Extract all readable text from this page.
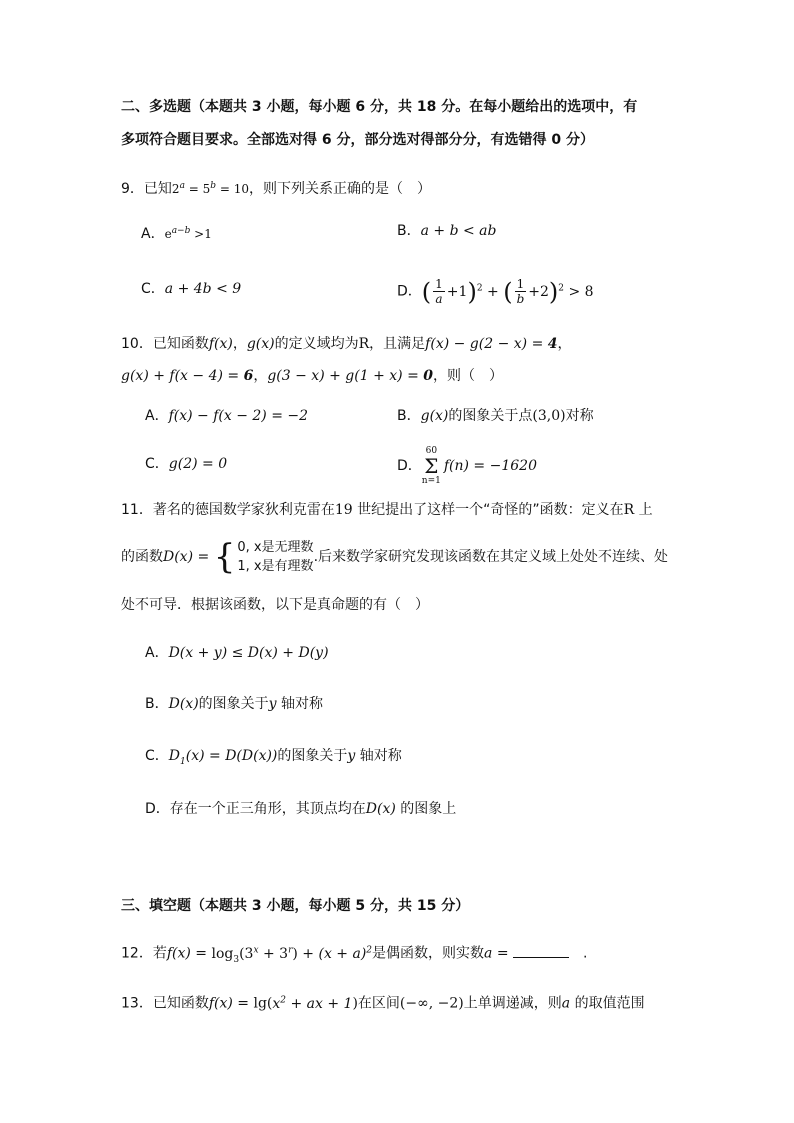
二、多选题（本题共 3 小题，每小题 6 分，共 18 分。在每小题给出的选项中，有
多项符合题目要求。全部选对得 6 分，部分选对得部分分，有选错得 0 分）
9．已知$2^a = 5^b = 10$，则下列关系正确的是（　）
A．$e^{a-b} >1$	B．a + b < ab
C．a + 4b < 9	D．( $\frac{1}{a} +1)^2$ + ( $\frac{1}{b} +2)^2 > 8$
10．已知函数f(x)，g(x)的定义域均为R，且满足f(x) − g(2 − x) = 4，
g(x) + f(x − 4) = 6，g(3 − x) + g(1 + x) = 0，则（　）
A．f(x) − f(x − 2) = −2	B．g(x)的图象关于点(3,0)对称
C．g(2) = 0	D．
60
Σ
n=1
f(n) = −1620
11．著名的德国数学家狄利克雷在19 世纪提出了这样一个“奇怪的”函数：定义在R 上
的函数D(x) = { 0, x是无理数
1, x是有理数
.后来数学家研究发现该函数在其定义域上处处不连续、处
处不可导．根据该函数，以下是真命题的有（　）
A．D(x + y) ≤ D(x) + D(y)
B．D(x)的图象关于y 轴对称
C．$D_1(x) = D(D(x))$的图象关于y 轴对称
D．存在一个正三角形，其顶点均在D(x) 的图象上
三、填空题（本题共 3 小题，每小题 5 分，共 15 分）
12．若$f(x) = \log_3(3^x + 3^r) + (x + a)^2$是偶函数，则实数a =	　.
13．已知函数$f(x) = \lg(x^2$ + ax + 1)在区间(−∞, −2)上单调递减，则a 的取值范围
